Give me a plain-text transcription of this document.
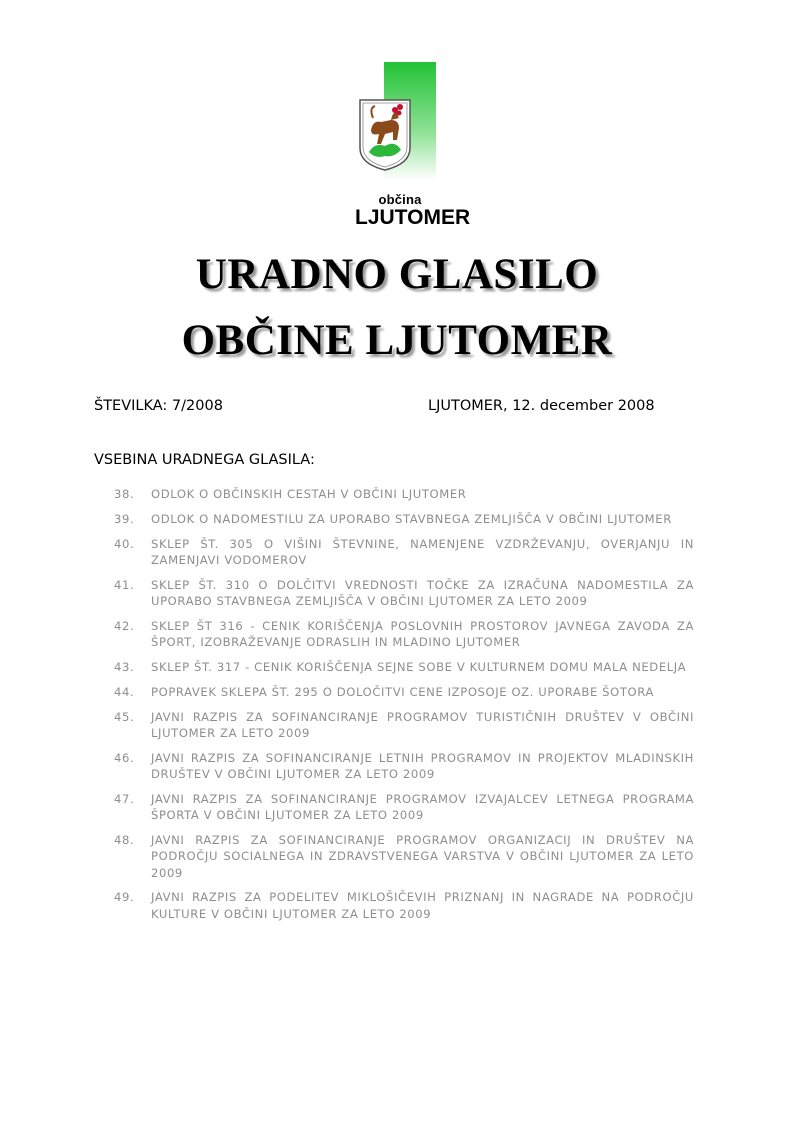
občina
LJUTOMER
URADNO GLASILO
OBČINE LJUTOMER
ŠTEVILKA: 7/2008	LJUTOMER, 12. december 2008
VSEBINA URADNEGA GLASILA:
38.	ODLOK O OBČINSKIH CESTAH V OBČINI LJUTOMER
39.	ODLOK O NADOMESTILU ZA UPORABO STAVBNEGA ZEMLJIŠČA V OBČINI LJUTOMER
40.	SKLEP ŠT. 305 O VIŠINI ŠTEVNINE, NAMENJENE VZDRŽEVANJU, OVERJANJU IN ZAMENJAVI VODOMEROV
41.	SKLEP ŠT. 310 O DOLČITVI VREDNOSTI TOČKE ZA IZRAČUNA NADOMESTILA ZA UPORABO STAVBNEGA ZEMLJIŠČA V OBČINI LJUTOMER ZA LETO 2009
42.	SKLEP ŠT 316 - CENIK KORIŠČENJA POSLOVNIH PROSTOROV JAVNEGA ZAVODA ZA ŠPORT, IZOBRAŽEVANJE ODRASLIH IN MLADINO LJUTOMER
43.	SKLEP ŠT. 317 - CENIK KORIŠČENJA SEJNE SOBE V KULTURNEM DOMU MALA NEDELJA
44.	POPRAVEK SKLEPA ŠT. 295 O DOLOČITVI CENE IZPOSOJE OZ. UPORABE ŠOTORA
45.	JAVNI RAZPIS ZA SOFINANCIRANJE PROGRAMOV TURISTIČNIH DRUŠTEV V OBČINI LJUTOMER ZA LETO 2009
46.	JAVNI RAZPIS ZA SOFINANCIRANJE LETNIH PROGRAMOV IN PROJEKTOV MLADINSKIH DRUŠTEV V OBČINI LJUTOMER ZA LETO 2009
47.	JAVNI RAZPIS ZA SOFINANCIRANJE PROGRAMOV IZVAJALCEV LETNEGA PROGRAMA ŠPORTA V OBČINI LJUTOMER ZA LETO 2009
48.	JAVNI RAZPIS ZA SOFINANCIRANJE PROGRAMOV ORGANIZACIJ IN DRUŠTEV NA PODROČJU SOCIALNEGA IN ZDRAVSTVENEGA VARSTVA V OBČINI LJUTOMER ZA LETO 2009
49.	JAVNI RAZPIS ZA PODELITEV MIKLOŠIČEVIH PRIZNANJ IN NAGRADE NA PODROČJU KULTURE V OBČINI LJUTOMER ZA LETO 2009
